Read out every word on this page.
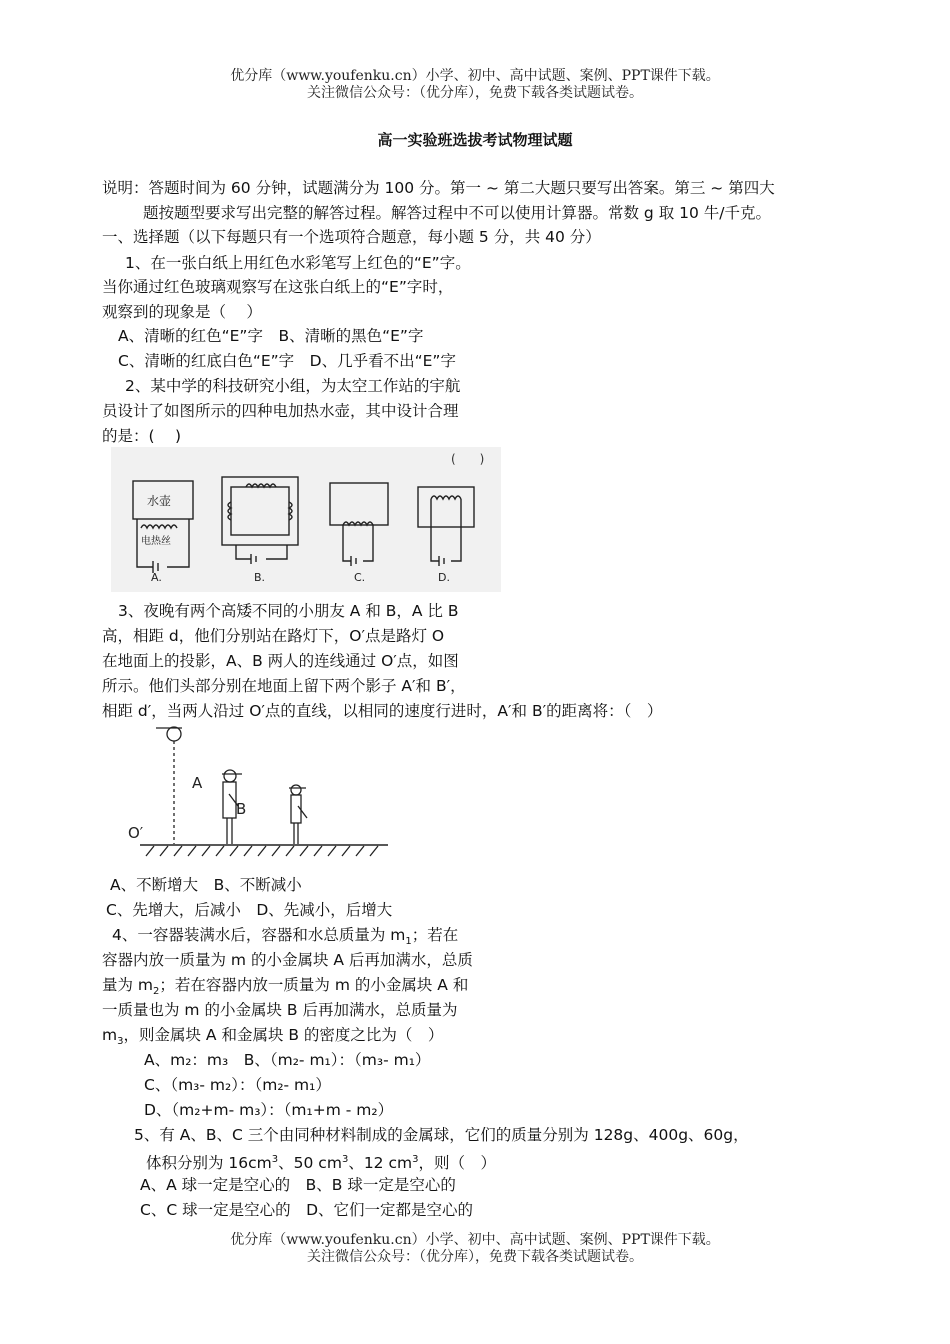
优分库（www.youfenku.cn）小学、初中、高中试题、案例、PPT课件下载。
关注微信公众号：（优分库），免费下载各类试题试卷。
高一实验班选拔考试物理试题
说明：答题时间为 60 分钟，试题满分为 100 分。第一 ~ 第二大题只要写出答案。第三 ~ 第四大
题按题型要求写出完整的解答过程。解答过程中不可以使用计算器。常数 g 取 10 牛/千克。
一、选择题（以下每题只有一个选项符合题意，每小题 5 分，共 40 分）
1、在一张白纸上用红色水彩笔写上红色的“E”字。
当你通过红色玻璃观察写在这张白纸上的“E”字时，
观察到的现象是（　 ）
A、清晰的红色“E”字　B、清晰的黑色“E”字
C、清晰的红底白色“E”字　D、几乎看不出“E”字
2、某中学的科技研究小组，为太空工作站的宇航
员设计了如图所示的四种电加热水壶，其中设计合理
的是：(　 )
(　　)
水壶
电热丝
A.	B.	C.	D.
3、夜晚有两个高矮不同的小朋友 A 和 B，A 比 B
高，相距 d，他们分别站在路灯下，O′点是路灯 O
在地面上的投影，A、B 两人的连线通过 O′点，如图
所示。他们头部分别在地面上留下两个影子 A′和 B′，
相距 d′，当两人沿过 O′点的直线，以相同的速度行进时，A′和 B′的距离将：（　）
A
B
O′
A、不断增大　B、不断减小
C、先增大，后减小　D、先减小，后增大
4、一容器装满水后，容器和水总质量为 $m_1$；若在
容器内放一质量为 m 的小金属块 A 后再加满水，总质
量为 $m_2$；若在容器内放一质量为 m 的小金属块 A 和
一质量也为 m 的小金属块 B 后再加满水，总质量为
$m_3$，则金属块 A 和金属块 B 的密度之比为（　）
A、m₂：m₃　B、（m₂- m₁）：（m₃- m₁）
C、（m₃- m₂）：（m₂- m₁）
D、（m₂+m- m₃）：（m₁+m - m₂）
5、有 A、B、C 三个由同种材料制成的金属球，它们的质量分别为 128g、400g、60g，
体积分别为 $16cm^3$、50 $cm^3$、12 $cm^3$，则（　）
A、A 球一定是空心的　B、B 球一定是空心的
C、C 球一定是空心的　D、它们一定都是空心的
优分库（www.youfenku.cn）小学、初中、高中试题、案例、PPT课件下载。
关注微信公众号：（优分库），免费下载各类试题试卷。
